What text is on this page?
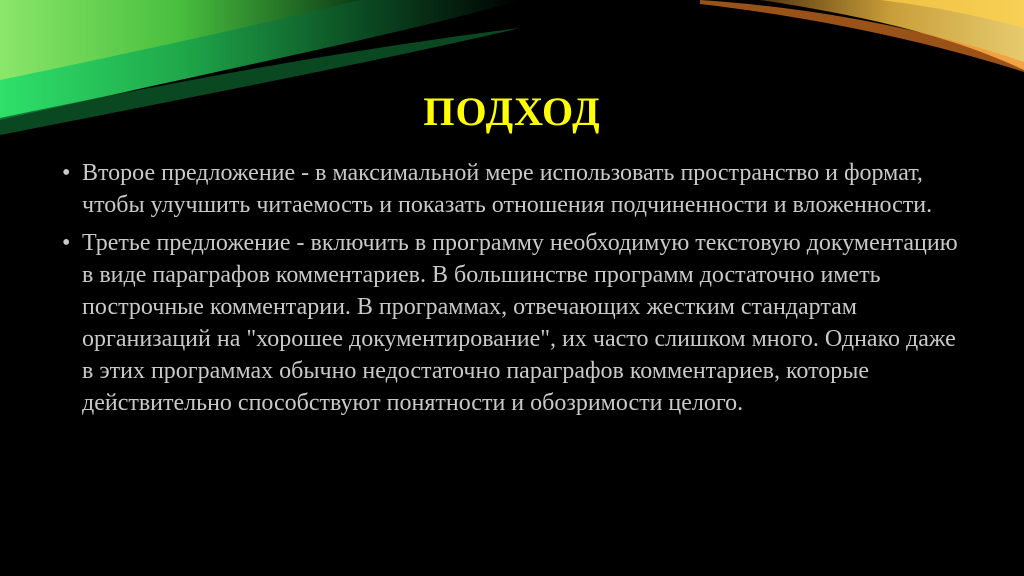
ПОДХОД
• Второе предложение - в максимальной мере использовать пространство и формат, чтобы улучшить читаемость и показать отношения подчиненности и вложенности.
• Третье предложение - включить в программу необходимую текстовую документацию в виде параграфов комментариев. В большинстве программ достаточно иметь построчные комментарии. В программах, отвечающих жестким стандартам организаций на "хорошее документирование", их часто слишком много. Однако даже в этих программах обычно недостаточно параграфов комментариев, которые действительно способствуют понятности и обозримости целого.
